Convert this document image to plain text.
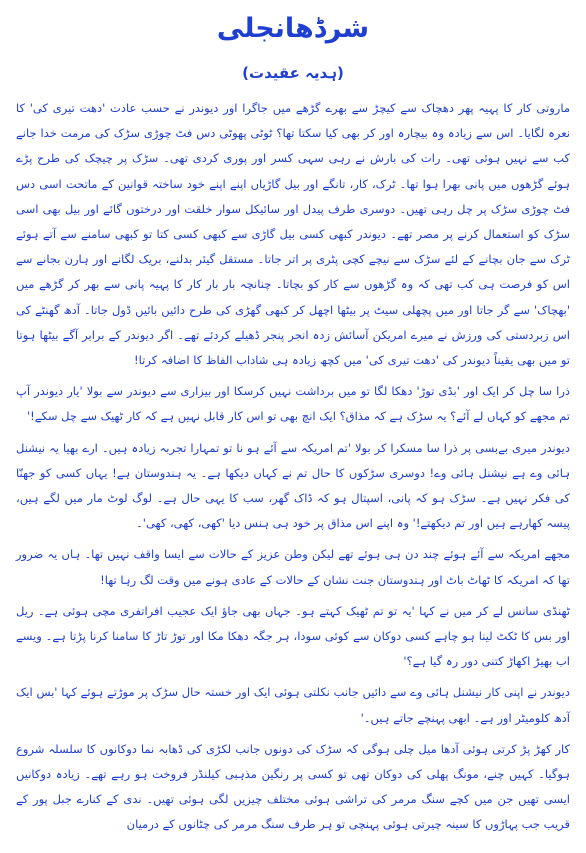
شرڈھانجلی
(ہدیہ عقیدت)

ماروتی کار کا پہیہ پھر دھچاک سے کیچڑ سے بھرے گڑھے میں جاگرا اور دیوندر نے حسب عادت 'دھت تیری کی' کا نعرہ لگایا۔ اس سے زیادہ وہ بیچارہ اور کر بھی کیا سکتا تھا؟ ٹوٹی پھوٹی دس فٹ چوڑی سڑک کی مرمت خدا جانے کب سے نہیں ہوئی تھی۔ رات کی بارش نے رہی سہی کسر اور پوری کردی تھی۔ سڑک پر چیچک کی طرح پڑے ہوئے گڑھوں میں پانی بھرا ہوا تھا۔ ٹرک، کار، تانگے اور بیل گاڑیاں اپنے اپنے خود ساختہ قوانین کے ماتحت اسی دس فٹ چوڑی سڑک پر چل رہی تھیں۔ دوسری طرف پیدل اور سائیکل سوار خلقت اور درختوں گائے اور بیل بھی اسی سڑک کو استعمال کرنے پر مصر تھے۔ دیوندر کبھی کسی بیل گاڑی سے کبھی کسی کتا تو کبھی سامنے سے آتے ہوئے ٹرک سے جان بچانے کے لئے سڑک سے نیچے کچی پٹری پر اتر جاتا۔ مستقل گیئر بدلنے، بریک لگانے اور ہارن بجانے سے اس کو فرصت ہی کب تھی کہ وہ گڑھوں سے کار کو بچاتا۔ چنانچہ بار بار کار کا پہیہ پانی سے بھر کر گڑھے میں 'بھچاک' سے گر جاتا اور میں پچھلی سیٹ پر بیٹھا اچھل کر کبھی گھڑی کی طرح دائیں بائیں ڈول جاتا۔ آدھ گھنٹے کی اس زبردستی کی ورزش نے میرے امریکن آسائش زدہ انجر پنجر ڈھیلے کردئے تھے۔ اگر دیوندر کے برابر آگے بیٹھا ہوتا تو میں بھی یقیناً دیوندر کی 'دھت تیری کی' میں کچھ زیادہ ہی شاداب الفاظ کا اضافہ کرتا!

ذرا سا چل کر ایک اور 'بڈی توڑ' دھکا لگا تو میں برداشت نہیں کرسکا اور بیزاری سے دیوندر سے بولا 'یار دیوندر آپ تم مجھے کو کہاں لے آئے؟ یہ سڑک ہے کہ مذاق؟ ایک انچ بھی تو اس کار قابل نہیں ہے کہ کار ٹھیک سے چل سکے!'

دیوندر میری بےبسی پر ذرا سا مسکرا کر بولا 'تم امریکہ سے آئے ہو نا تو تمہارا تجربہ زیادہ ہیں۔ ارے بھیا یہ نیشنل ہائی وے ہے نیشنل ہائی وے! دوسری سڑکوں کا حال تم نے کہاں دیکھا ہے۔ یہ ہندوستان ہے! یہاں کسی کو جھنّا کی فکر نہیں ہے۔ سڑک ہو کہ پانی، اسپتال ہو کہ ڈاک گھر، سب کا یہی حال ہے۔ لوگ لوٹ مار میں لگے ہیں، پیسہ کھارہے ہیں اور تم دیکھتے!' وہ اپنے اس مذاق پر خود ہی ہنس دیا 'کھی، کھی، کھی'۔

مجھے امریکہ سے آئے ہوئے چند دن ہی ہوئے تھے لیکن وطن عزیز کے حالات سے ایسا واقف نہیں تھا۔ ہاں یہ ضرور تھا کہ امریکہ کا ٹھاٹ باٹ اور ہندوستان جنت نشان کے حالات کے عادی ہونے میں وقت لگ رہا تھا!

ٹھنڈی سانس لے کر میں نے کہا 'یہ تو تم ٹھیک کہتے ہو۔ جہاں بھی جاؤ ایک عجیب افراتفری مچی ہوئی ہے۔ ریل اور بس کا ٹکٹ لینا ہو چاہے کسی دوکان سے کوئی سودا، ہر جگہ دھکا مکا اور توڑ تاڑ کا سامنا کرنا پڑتا ہے۔ ویسے اب بھیڑ اکھاڑ کتنی دور رہ گیا ہے؟'

دیوندر نے اپنی کار نیشنل ہائی وے سے دائیں جانب نکلتی ہوئی ایک اور خستہ حال سڑک پر موڑتے ہوئے کہا 'بس ایک آدھ کلومیٹر اور ہے۔ ابھی پہنچے جاتے ہیں۔'

کار کھڑ پڑ کرتی ہوئی آدھا میل چلی ہوگی کہ سڑک کی دونوں جانب لکڑی کی ڈھابہ نما دوکانوں کا سلسلہ شروع ہوگیا۔ کہیں چنے، مونگ پھلی کی دوکان تھی تو کسی پر رنگین مذہبی کیلنڈر فروخت ہو رہے تھے۔ زیادہ دوکانیں ایسی تھیں جن میں کچے سنگ مرمر کی تراشی ہوئی مختلف چیزیں لگی ہوئی تھیں۔ ندی کے کنارے جبل پور کے قریب جب پہاڑوں کا سینہ چیرتی ہوئی پہنچی تو ہر طرف سنگ مرمر کی چٹانوں کے درمیان
